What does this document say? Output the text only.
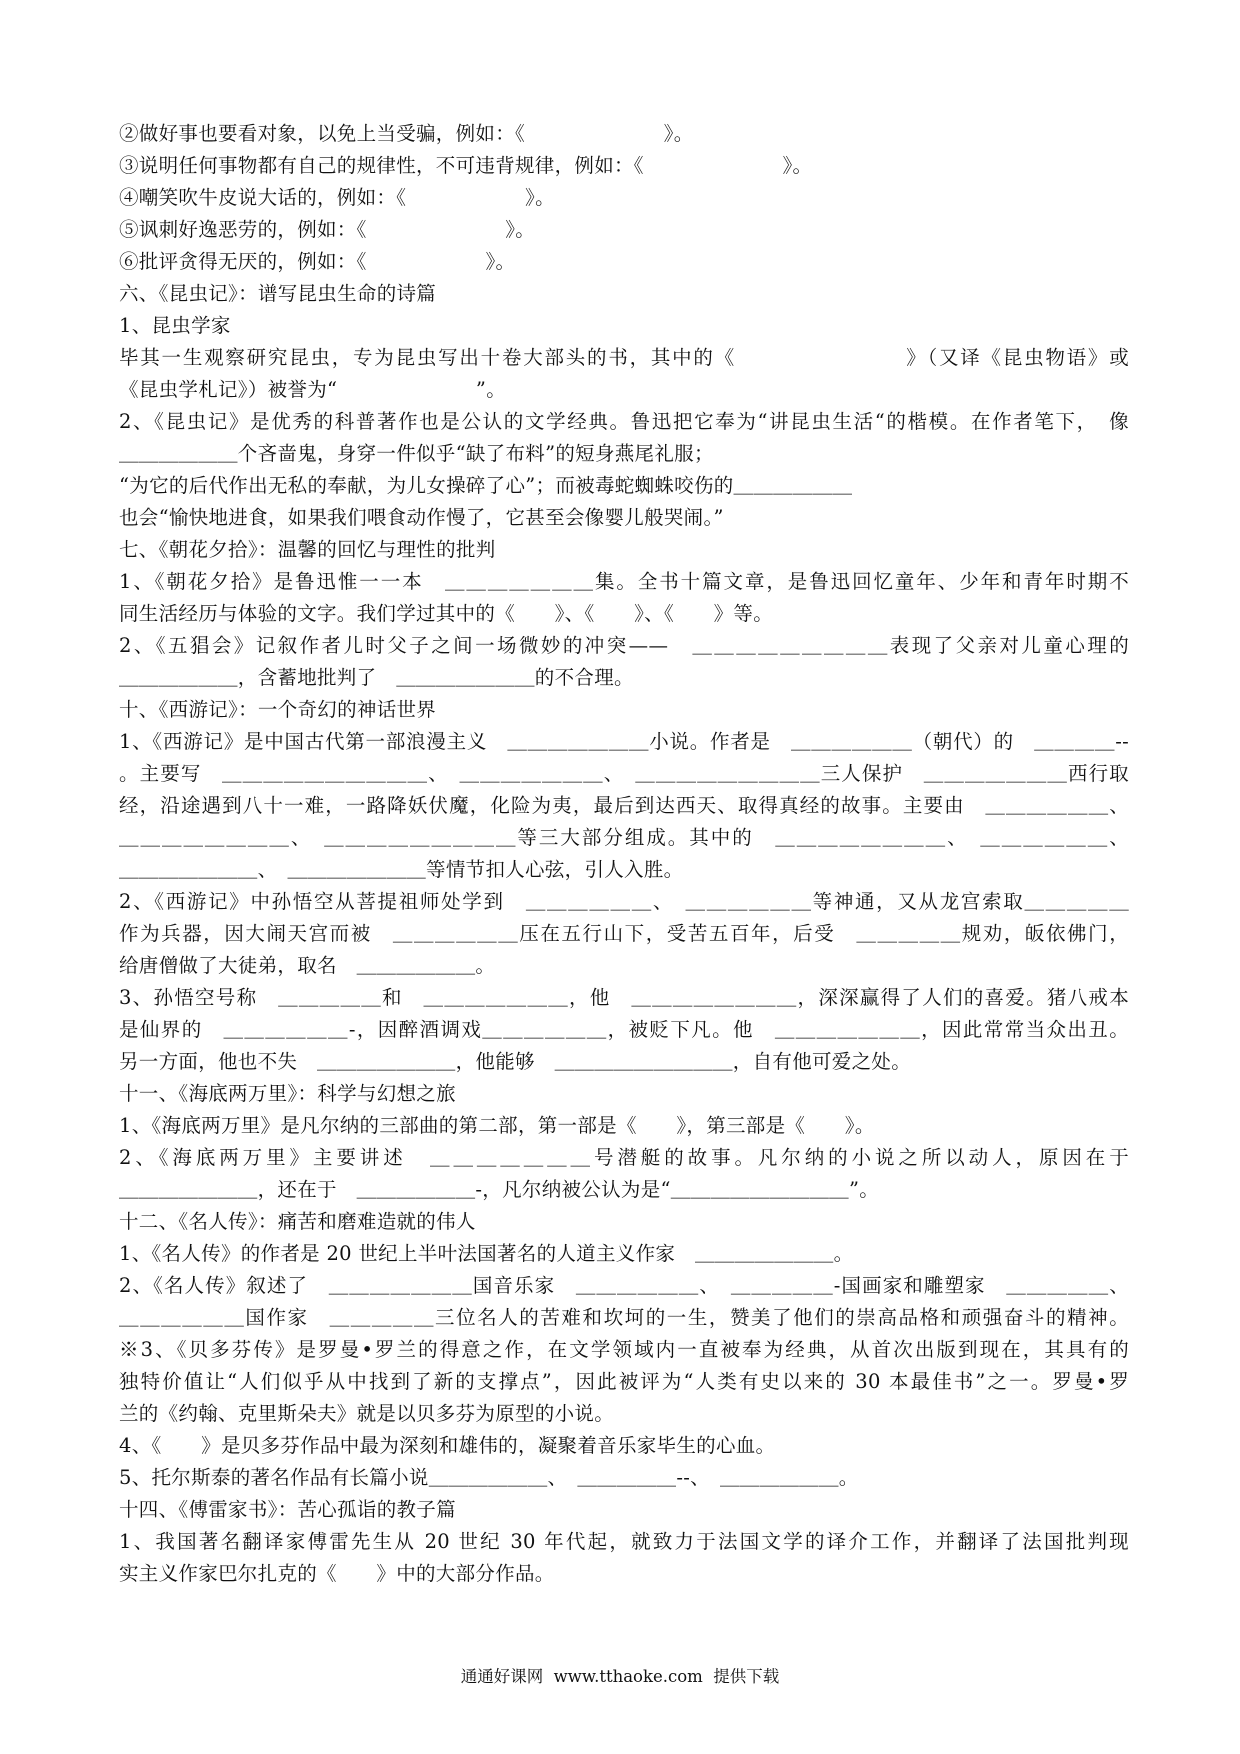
②做好事也要看对象，以免上当受骗，例如：《　　　　　　　》。
③说明任何事物都有自己的规律性，不可违背规律，例如：《　　　　　　　》。
④嘲笑吹牛皮说大话的，例如：《　　　　　　》。
⑤讽刺好逸恶劳的，例如：《　　　　　　　》。
⑥批评贪得无厌的，例如：《　　　　　　》。
六、《昆虫记》：谱写昆虫生命的诗篇
1、昆虫学家
毕其一生观察研究昆虫，专为昆虫写出十卷大部头的书，其中的《　　　　　　　　》（又译《昆虫物语》或
《昆虫学札记》）被誉为“　　　　　　　”。
2、《昆虫记》是优秀的科普著作也是公认的文学经典。鲁迅把它奉为“讲昆虫生活“的楷模。在作者笔下，　像
＿＿＿＿＿＿个吝啬鬼，身穿一件似乎“缺了布料”的短身燕尾礼服；
“为它的后代作出无私的奉献，为儿女操碎了心”；而被毒蛇蜘蛛咬伤的＿＿＿＿＿＿
也会“愉快地进食，如果我们喂食动作慢了，它甚至会像婴儿般哭闹。”
七、《朝花夕拾》：温馨的回忆与理性的批判
1、《朝花夕拾》是鲁迅惟一一本　＿＿＿＿＿＿＿集。全书十篇文章，是鲁迅回忆童年、少年和青年时期不
同生活经历与体验的文字。我们学过其中的《　　》、《　　》、《　　》等。
2、《五猖会》记叙作者儿时父子之间一场微妙的冲突——　＿＿＿＿＿＿＿＿＿表现了父亲对儿童心理的
＿＿＿＿＿＿，含蓄地批判了　＿＿＿＿＿＿＿的不合理。
十、《西游记》：一个奇幻的神话世界
1、《西游记》是中国古代第一部浪漫主义　＿＿＿＿＿＿＿小说。作者是　＿＿＿＿＿＿（朝代）的　＿＿＿＿--
。主要写　＿＿＿＿＿＿＿＿＿＿、　＿＿＿＿＿＿＿、　＿＿＿＿＿＿＿＿＿三人保护　＿＿＿＿＿＿＿西行取
经，沿途遇到八十一难，一路降妖伏魔，化险为夷，最后到达西天、取得真经的故事。主要由　＿＿＿＿＿＿、
＿＿＿＿＿＿＿＿、　＿＿＿＿＿＿＿＿＿等三大部分组成。其中的　＿＿＿＿＿＿＿＿、　＿＿＿＿＿＿、
＿＿＿＿＿＿＿、　＿＿＿＿＿＿＿等情节扣人心弦，引人入胜。
2、《西游记》中孙悟空从菩提祖师处学到　＿＿＿＿＿＿、　＿＿＿＿＿＿等神通，又从龙宫索取＿＿＿＿＿
作为兵器，因大闹天宫而被　＿＿＿＿＿＿压在五行山下，受苦五百年，后受　＿＿＿＿＿规劝，皈依佛门，
给唐僧做了大徒弟，取名　＿＿＿＿＿＿。
3、孙悟空号称　＿＿＿＿＿和　＿＿＿＿＿＿＿，他　＿＿＿＿＿＿＿＿，深深赢得了人们的喜爱。猪八戒本
是仙界的　＿＿＿＿＿＿-，因醉酒调戏＿＿＿＿＿＿，被贬下凡。他　＿＿＿＿＿＿＿，因此常常当众出丑。
另一方面，他也不失　＿＿＿＿＿＿＿，他能够　＿＿＿＿＿＿＿＿＿，自有他可爱之处。
十一、《海底两万里》：科学与幻想之旅
1、《海底两万里》是凡尔纳的三部曲的第二部，第一部是《　　》，第三部是《　　》。
2、《海底两万里》主要讲述　＿＿＿＿＿＿＿号潜艇的故事。凡尔纳的小说之所以动人，原因在于
＿＿＿＿＿＿＿，还在于　＿＿＿＿＿＿-，凡尔纳被公认为是“＿＿＿＿＿＿＿＿＿”。
十二、《名人传》：痛苦和磨难造就的伟人
1、《名人传》的作者是 20 世纪上半叶法国著名的人道主义作家　＿＿＿＿＿＿＿。
2、《名人传》叙述了　＿＿＿＿＿＿＿国音乐家　＿＿＿＿＿＿、　＿＿＿＿＿-国画家和雕塑家　＿＿＿＿＿、
＿＿＿＿＿＿国作家　＿＿＿＿＿三位名人的苦难和坎坷的一生，赞美了他们的崇高品格和顽强奋斗的精神。
※3、《贝多芬传》是罗曼•罗兰的得意之作，在文学领域内一直被奉为经典，从首次出版到现在，其具有的
独特价值让“人们似乎从中找到了新的支撑点”，因此被评为“人类有史以来的 30 本最佳书”之一。罗曼•罗
兰的《约翰、克里斯朵夫》就是以贝多芬为原型的小说。
4、《　　》是贝多芬作品中最为深刻和雄伟的，凝聚着音乐家毕生的心血。
5、托尔斯泰的著名作品有长篇小说＿＿＿＿＿＿、　＿＿＿＿＿--、　＿＿＿＿＿＿。
十四、《傅雷家书》：苦心孤诣的教子篇
1、我国著名翻译家傅雷先生从 20 世纪 30 年代起，就致力于法国文学的译介工作，并翻译了法国批判现
实主义作家巴尔扎克的《　　》中的大部分作品。
通通好课网  www.tthaoke.com  提供下载
